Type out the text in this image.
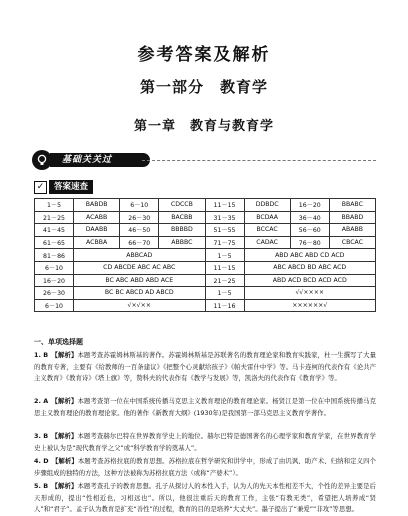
参考答案及解析
第一部分　教育学
第一章　教育与教育学
基础关关过
✓	答案速查
1－5	BABDB	6－10	CDCCB	11－15	DDBDC	16－20	BBABC
21－25	ACABB	26－30	BACBB	31－35	BCDAA	36－40	BBABD
41－45	DAABB	46－50	BBBBD	51－55	BCCAC	56－60	ABABB
61－65	ACBBA	66－70	ABBBC	71－75	CADAC	76－80	CBCAC
81－86	ABBCAD			1－5	ABD ABC ABD CD ACD		
6－10	CD ABCDE ABC AC ABC			11－15	ABC ABCD BD ABC ACD		
16－20	BC ABC ABD ABD ACE			21－25	ABD ACD BCD ACD ACD		
26－30	BC BC ABCD AD ABCD			1－5	√√××××		
6－10	√×√××			11－16	××××××√		
一、单项选择题
1. B　【解析】本题考查苏霍姆林斯基的著作。苏霍姆林斯基是苏联著名的教育理论家和教育实践家，杜一生撰写了大量的教育专著，主要有《给教师的一百条建议》《把整个心灵献给孩子》《帕夫雷什中学》等。马卡连柯的代表作有《论共产主义教育》《教育诗》《塔上旗》等，赞科夫的代表作有《教学与发展》等，凯洛夫的代表作有《教育学》等。
2. A　【解析】本题考查第一位在中国系统传播马克思主义教育理论的教育理论家。杨贤江是第一位在中国系统传播马克思主义教育理论的教育理论家。他的著作《新教育大纲》(1930年)是我国第一部马克思主义教育学著作。
3. B　【解析】本题考查赫尔巴特在世界教育学史上的地位。赫尔巴特是德国著名的心理学家和教育学家，在世界教育学史上被认为是“现代教育学之父”或“科学教育学的奠基人”。
4. D　【解析】本题考查苏格拉底的教育思想。苏格拉底在哲学研究和讲学中，形成了由讥讽、助产术、归纳和定义四个步骤组成的独特的方法，这种方法被称为苏格拉底方法（或称“产婆术”）。
5. B　【解析】本题考查孔子的教育思想。孔子从探讨人的本性入手，认为人的先天本性相差不大，个性的差异主要是后天形成的，提出“性相近也，习相远也”。所以，他很注重后天的教育工作，主张“有教无类”，希望把人培养成“贤人”和“君子”。孟子认为教育是扩充“善性”的过程，教育的目的是培养“大丈夫”。墨子提出了“兼爱”“非攻”等思想。
